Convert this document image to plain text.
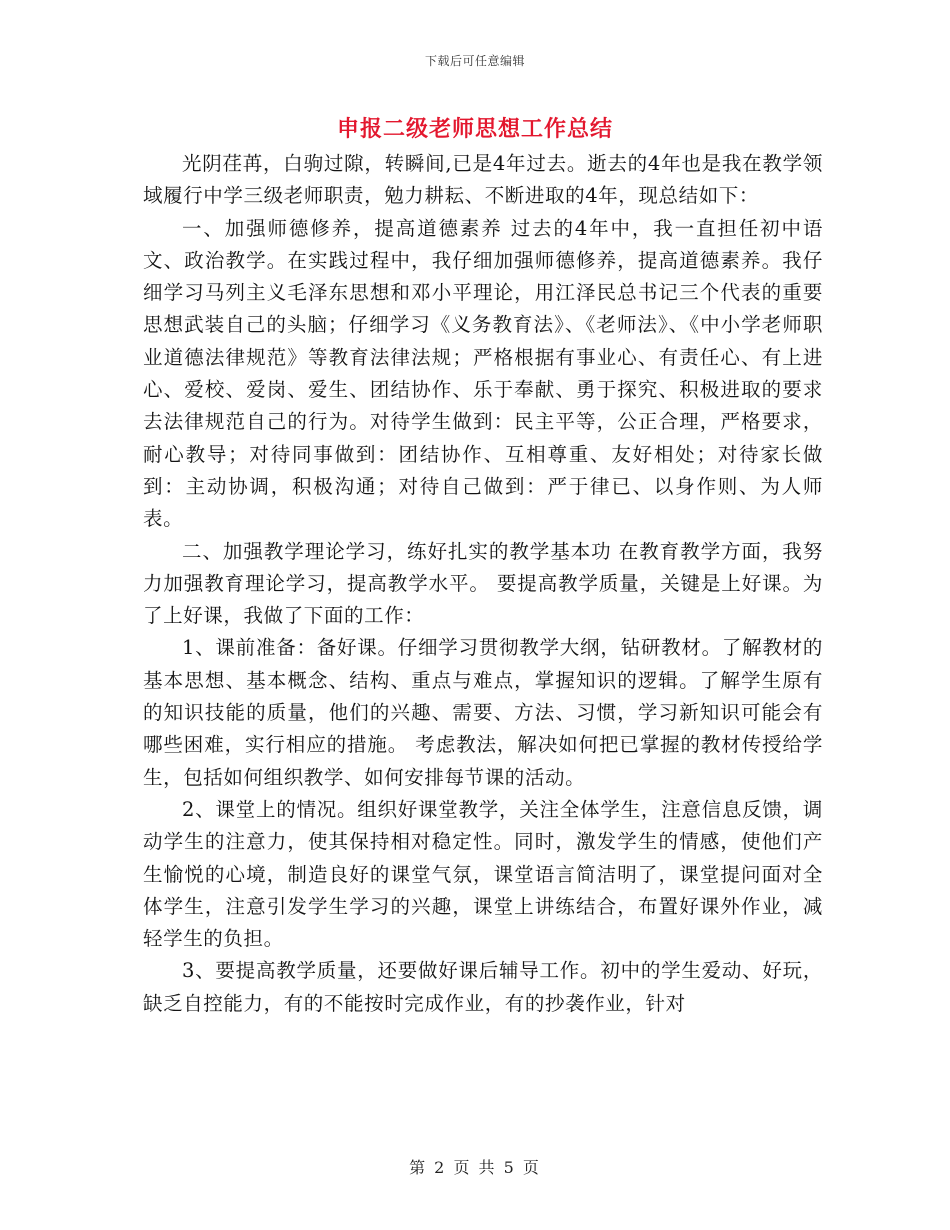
下载后可任意编辑
申报二级老师思想工作总结

光阴荏苒，白驹过隙，转瞬间,已是4年过去。逝去的4年也是我在教学领域履行中学三级老师职责，勉力耕耘、不断进取的4年，现总结如下：

一、加强师德修养，提高道德素养 过去的4年中，我一直担任初中语文、政治教学。在实践过程中，我仔细加强师德修养，提高道德素养。我仔细学习马列主义毛泽东思想和邓小平理论，用江泽民总书记三个代表的重要思想武装自己的头脑；仔细学习《义务教育法》、《老师法》、《中小学老师职业道德法律规范》等教育法律法规；严格根据有事业心、有责任心、有上进心、爱校、爱岗、爱生、团结协作、乐于奉献、勇于探究、积极进取的要求去法律规范自己的行为。对待学生做到：民主平等，公正合理，严格要求，耐心教导；对待同事做到：团结协作、互相尊重、友好相处；对待家长做到：主动协调，积极沟通；对待自己做到：严于律已、以身作则、为人师表。

二、加强教学理论学习，练好扎实的教学基本功 在教育教学方面，我努力加强教育理论学习，提高教学水平。 要提高教学质量，关键是上好课。为了上好课，我做了下面的工作：

1、课前准备：备好课。仔细学习贯彻教学大纲，钻研教材。了解教材的基本思想、基本概念、结构、重点与难点，掌握知识的逻辑。了解学生原有的知识技能的质量，他们的兴趣、需要、方法、习惯，学习新知识可能会有哪些困难，实行相应的措施。 考虑教法，解决如何把已掌握的教材传授给学生，包括如何组织教学、如何安排每节课的活动。

2、课堂上的情况。组织好课堂教学，关注全体学生，注意信息反馈，调动学生的注意力，使其保持相对稳定性。同时，激发学生的情感，使他们产生愉悦的心境，制造良好的课堂气氛，课堂语言简洁明了，课堂提问面对全体学生，注意引发学生学习的兴趣，课堂上讲练结合，布置好课外作业，减轻学生的负担。

3、要提高教学质量，还要做好课后辅导工作。初中的学生爱动、好玩，缺乏自控能力，有的不能按时完成作业，有的抄袭作业，针对

第 2 页 共 5 页
